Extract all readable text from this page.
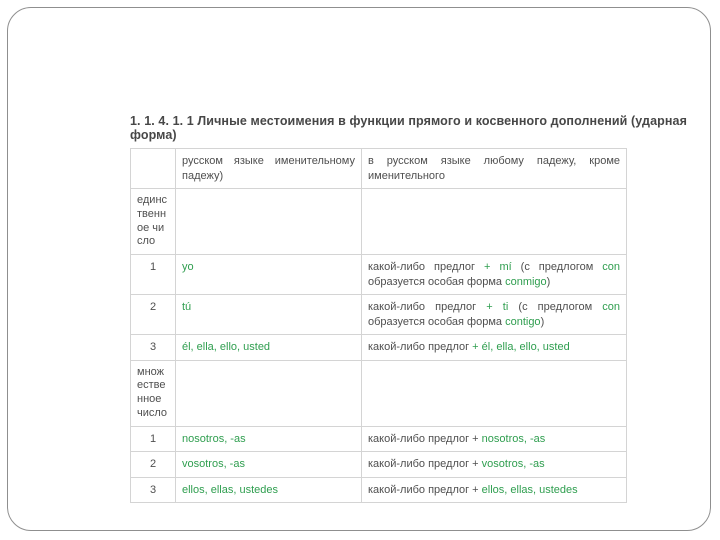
1. 1. 4. 1. 1 Личные местоимения в функции прямого и косвенного дополнений (ударная форма)
	русском языке именительному падежу)	в русском языке любому падежу, кроме именительного
единственное число		
1	yo	какой-либо предлог + mí (с предлогом con образуется особая форма conmigo)
2	tú	какой-либо предлог + ti (с предлогом con образуется особая форма contigo)
3	él, ella, ello, usted	какой-либо предлог + él, ella, ello, usted
множественное число		
1	nosotros, -as	какой-либо предлог + nosotros, -as
2	vosotros, -as	какой-либо предлог + vosotros, -as
3	ellos, ellas, ustedes	какой-либо предлог + ellos, ellas, ustedes
